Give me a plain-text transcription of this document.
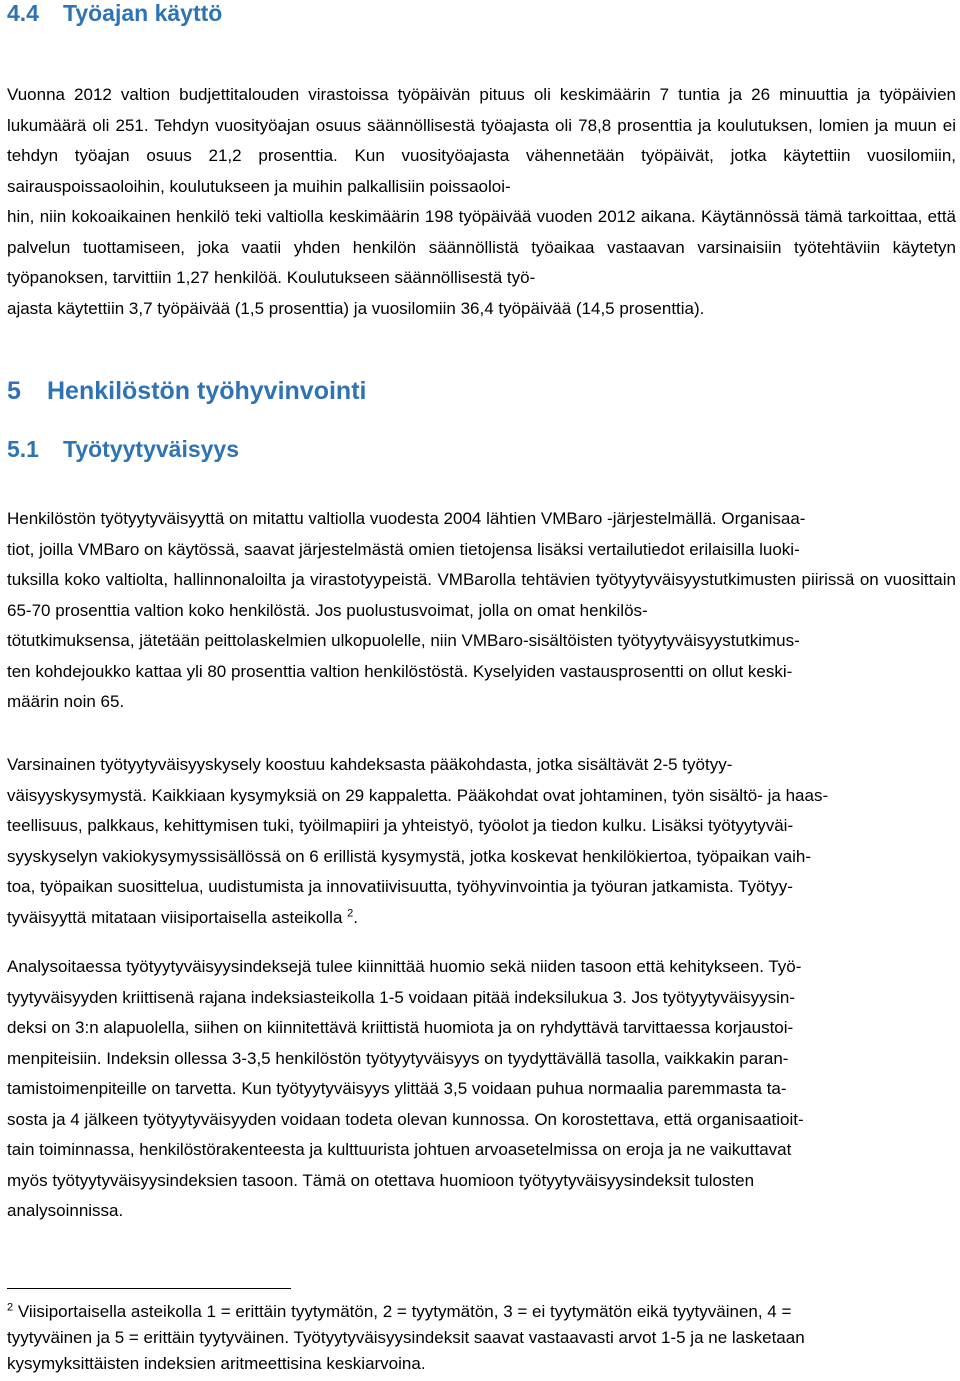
4.4 Työajan käyttö

Vuonna 2012 valtion budjettitalouden virastoissa työpäivän pituus oli keskimäärin 7 tuntia ja 26 minuuttia ja työpäivien lukumäärä oli 251. Tehdyn vuosityöajan osuus säännöllisestä työajasta oli 78,8 prosenttia ja koulutuksen, lomien ja muun ei tehdyn työajan osuus 21,2 prosenttia. Kun vuosityöajasta vähennetään työpäivät, jotka käytettiin vuosilomiin, sairauspoissaoloihin, koulutukseen ja muihin palkallisiin poissaoloi-
hin, niin kokoaikainen henkilö teki valtiolla keskimäärin 198 työpäivää vuoden 2012 aikana. Käytännössä tämä tarkoittaa, että palvelun tuottamiseen, joka vaatii yhden henkilön säännöllistä työaikaa vastaavan varsinaisiin työtehtäviin käytetyn työpanoksen, tarvittiin 1,27 henkilöä. Koulutukseen säännöllisestä työ-
ajasta käytettiin 3,7 työpäivää (1,5 prosenttia) ja vuosilomiin 36,4 työpäivää (14,5 prosenttia).

5 Henkilöstön työhyvinvointi
5.1 Työtyytyväisyys

Henkilöstön työtyytyväisyyttä on mitattu valtiolla vuodesta 2004 lähtien VMBaro -järjestelmällä. Organisaa-
tiot, joilla VMBaro on käytössä, saavat järjestelmästä omien tietojensa lisäksi vertailutiedot erilaisilla luoki-
tuksilla koko valtiolta, hallinnonaloilta ja virastotyypeistä. VMBarolla tehtävien työtyytyväisyystutkimusten piirissä on vuosittain 65-70 prosenttia valtion koko henkilöstä. Jos puolustusvoimat, jolla on omat henkilös-
tötutkimuksensa, jätetään peittolaskelmien ulkopuolelle, niin VMBaro-sisältöisten työtyytyväisyystutkimus-
ten kohdejoukko kattaa yli 80 prosenttia valtion henkilöstöstä. Kyselyiden vastausprosentti on ollut keski-
määrin noin 65.

Varsinainen työtyytyväisyyskysely koostuu kahdeksasta pääkohdasta, jotka sisältävät 2-5 työtyy-
väisyyskysymystä. Kaikkiaan kysymyksiä on 29 kappaletta. Pääkohdat ovat johtaminen, työn sisältö- ja haas-
teellisuus, palkkaus, kehittymisen tuki, työilmapiiri ja yhteistyö, työolot ja tiedon kulku. Lisäksi työtyytyväi-
syyskyselyn vakiokysymyssisällössä on 6 erillistä kysymystä, jotka koskevat henkilökiertoa, työpaikan vaih-
toa, työpaikan suosittelua, uudistumista ja innovatiivisuutta, työhyvinvointia ja työuran jatkamista. Työtyy-
tyväisyyttä mitataan viisiportaisella asteikolla $^2$.

Analysoitaessa työtyytyväisyysindeksejä tulee kiinnittää huomio sekä niiden tasoon että kehitykseen. Työ-
tyytyväisyyden kriittisenä rajana indeksiasteikolla 1-5 voidaan pitää indeksilukua 3. Jos työtyytyväisyysin-
deksi on 3:n alapuolella, siihen on kiinnitettävä kriittistä huomiota ja on ryhdyttävä tarvittaessa korjaustoi-
menpiteisiin. Indeksin ollessa 3-3,5 henkilöstön työtyytyväisyys on tyydyttävällä tasolla, vaikkakin paran-
tamistoimenpiteille on tarvetta. Kun työtyytyväisyys ylittää 3,5 voidaan puhua normaalia paremmasta ta-
sosta ja 4 jälkeen työtyytyväisyyden voidaan todeta olevan kunnossa. On korostettava, että organisaatioit-
tain toiminnassa, henkilöstörakenteesta ja kulttuurista johtuen arvoasetelmissa on eroja ja ne vaikuttavat
myös työtyytyväisyysindeksien tasoon. Tämä on otettava huomioon työtyytyväisyysindeksit tulosten
analysoinnissa.

$^2$ Viisiportaisella asteikolla 1 = erittäin tyytymätön, 2 = tyytymätön, 3 = ei tyytymätön eikä tyytyväinen, 4 =
tyytyväinen ja 5 = erittäin tyytyväinen. Työtyytyväisyysindeksit saavat vastaavasti arvot 1-5 ja ne lasketaan
kysymyksittäisten indeksien aritmeettisina keskiarvoina.
